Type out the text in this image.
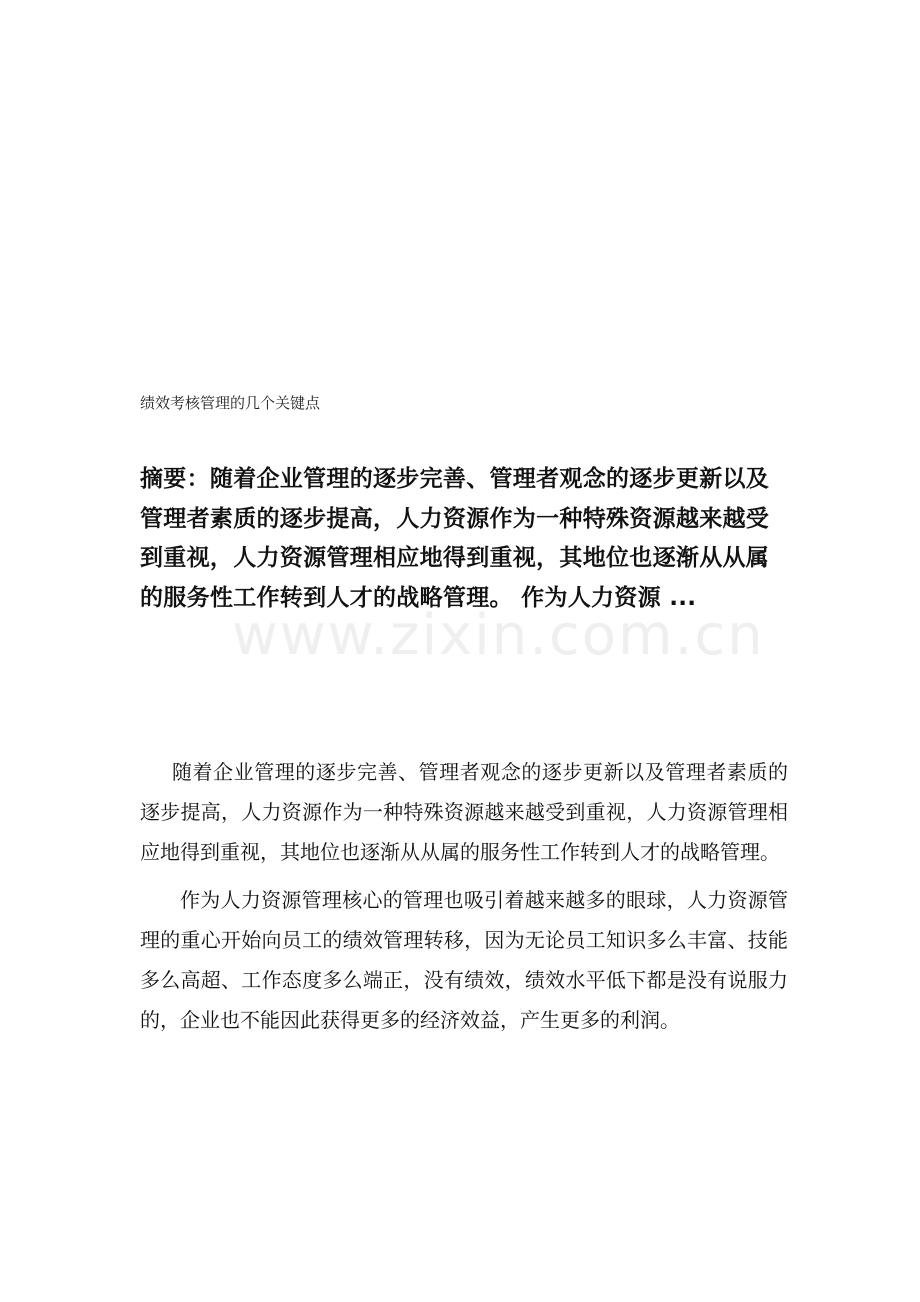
绩效考核管理的几个关键点

摘要：随着企业管理的逐步完善、管理者观念的逐步更新以及管理者素质的逐步提高，人力资源作为一种特殊资源越来越受到重视，人力资源管理相应地得到重视，其地位也逐渐从从属的服务性工作转到人才的战略管理。 作为人力资源 ...

www.zixin.com.cn

随着企业管理的逐步完善、管理者观念的逐步更新以及管理者素质的逐步提高，人力资源作为一种特殊资源越来越受到重视，人力资源管理相应地得到重视，其地位也逐渐从从属的服务性工作转到人才的战略管理。

作为人力资源管理核心的管理也吸引着越来越多的眼球，人力资源管理的重心开始向员工的绩效管理转移，因为无论员工知识多么丰富、技能多么高超、工作态度多么端正，没有绩效，绩效水平低下都是没有说服力的，企业也不能因此获得更多的经济效益，产生更多的利润。
